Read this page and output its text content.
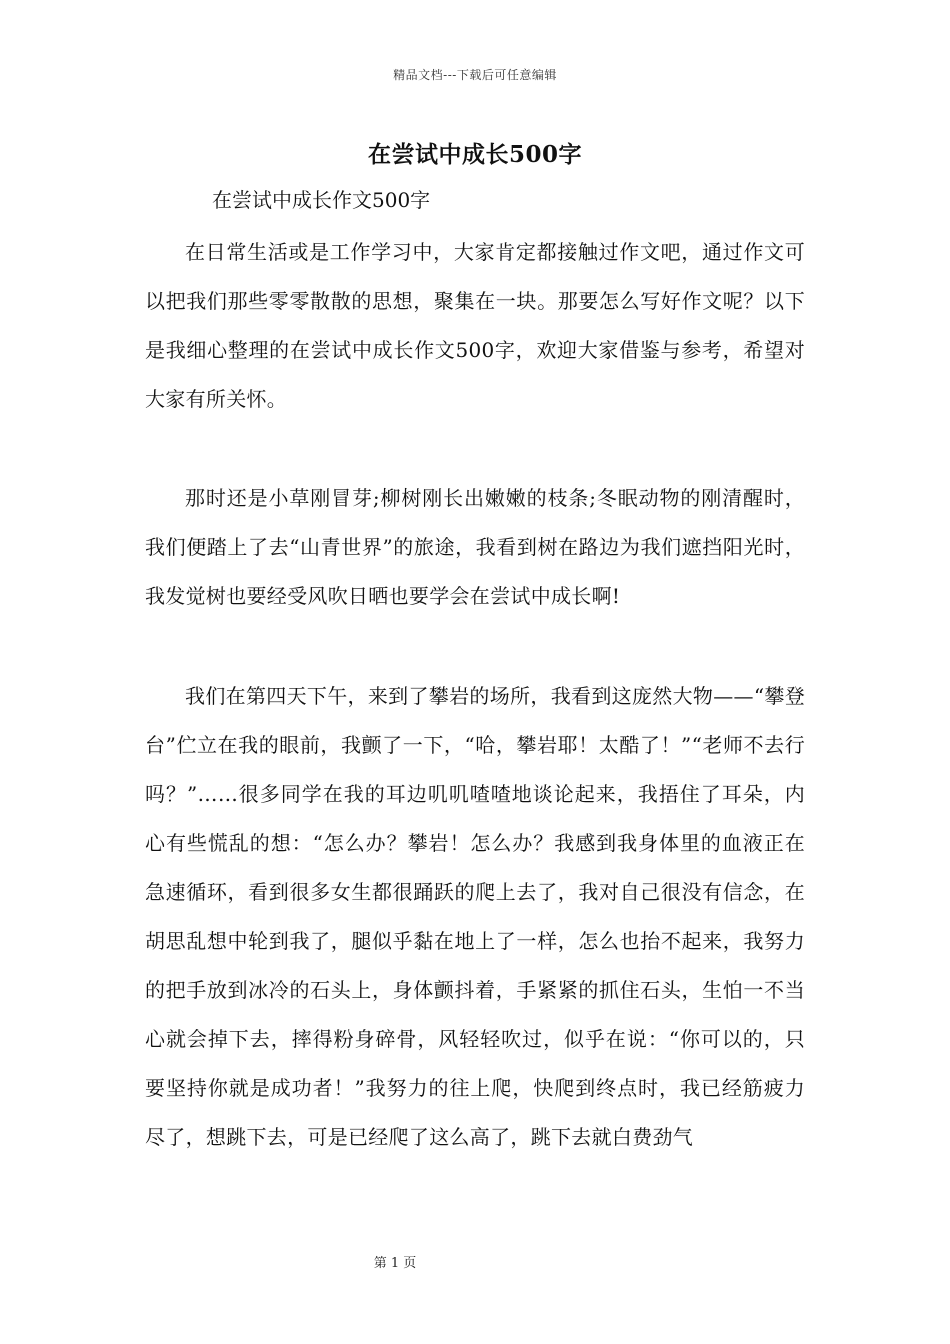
精品文档---下载后可任意编辑
在尝试中成长500字
在尝试中成长作文500字

在日常生活或是工作学习中，大家肯定都接触过作文吧，通过作文可以把我们那些零零散散的思想，聚集在一块。那要怎么写好作文呢？以下是我细心整理的在尝试中成长作文500字，欢迎大家借鉴与参考，希望对大家有所关怀。

那时还是小草刚冒芽;柳树刚长出嫩嫩的枝条;冬眠动物的刚清醒时，我们便踏上了去“山青世界”的旅途，我看到树在路边为我们遮挡阳光时，我发觉树也要经受风吹日晒也要学会在尝试中成长啊!

我们在第四天下午，来到了攀岩的场所，我看到这庞然大物——“攀登台”伫立在我的眼前，我颤了一下，“哈，攀岩耶！太酷了！”“老师不去行吗？”……很多同学在我的耳边叽叽喳喳地谈论起来，我捂住了耳朵，内心有些慌乱的想：“怎么办？攀岩！怎么办？我感到我身体里的血液正在急速循环，看到很多女生都很踊跃的爬上去了，我对自己很没有信念，在胡思乱想中轮到我了，腿似乎黏在地上了一样，怎么也抬不起来，我努力的把手放到冰冷的石头上，身体颤抖着，手紧紧的抓住石头，生怕一不当心就会掉下去，摔得粉身碎骨，风轻轻吹过，似乎在说：“你可以的，只要坚持你就是成功者！”我努力的往上爬，快爬到终点时，我已经筋疲力尽了，想跳下去，可是已经爬了这么高了，跳下去就白费劲气

第 1 页
